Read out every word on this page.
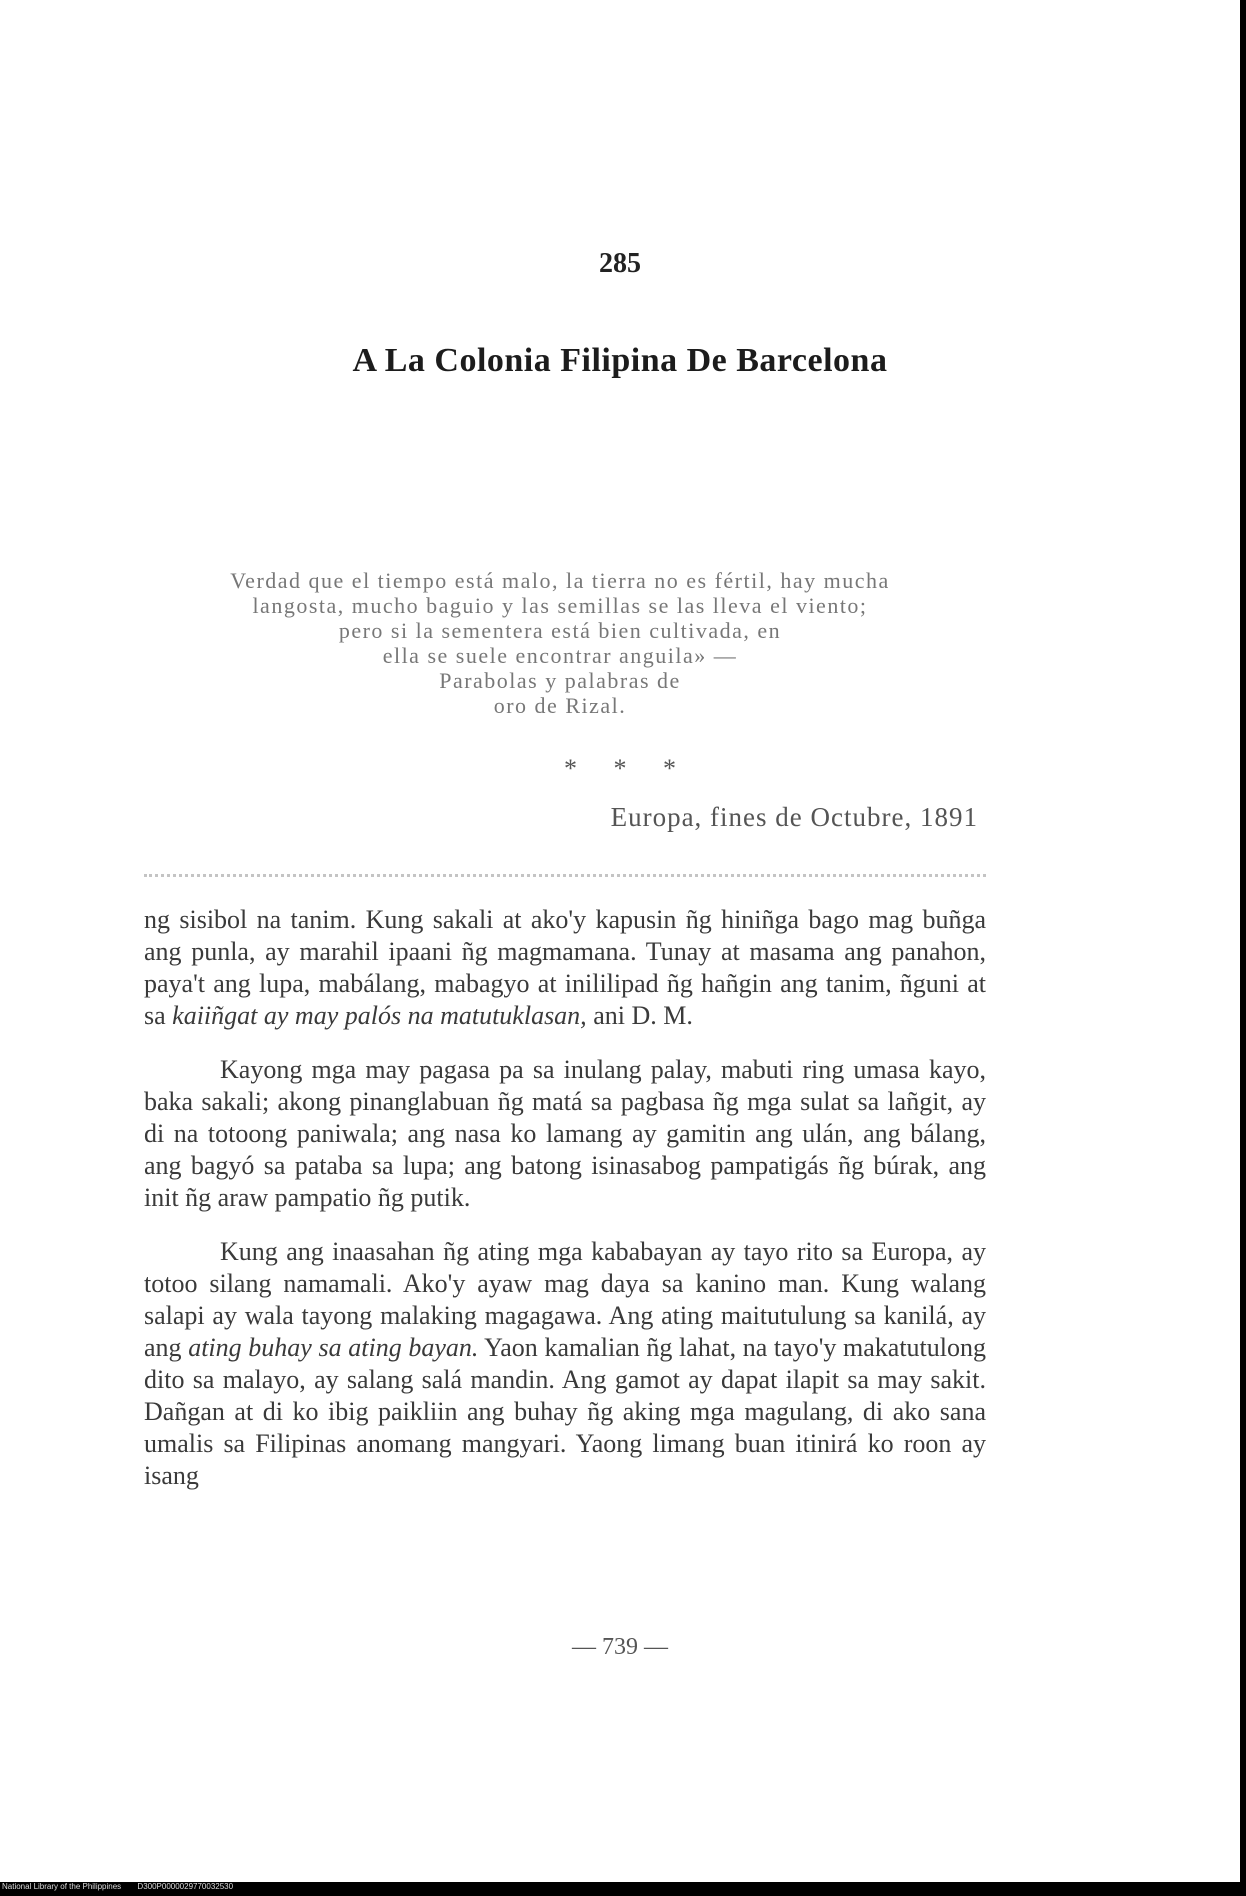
285
A La Colonia Filipina De Barcelona
Verdad que el tiempo está malo, la tierra no es fértil, hay mucha
langosta, mucho baguio y las semillas se las lleva el viento;
pero si la sementera está bien cultivada, en
ella se suele encontrar anguila» —
Parabolas y palabras de
oro de Rizal.
* * *
Europa, fines de Octubre, 1891

ng sisibol na tanim. Kung sakali at ako'y kapusin ñg hiniñga bago mag buñga ang punla, ay marahil ipaani ñg magmamana. Tunay at masama ang panahon, paya't ang lupa, mabálang, mabagyo at inililipad ñg hañgin ang tanim, ñguni at sa kaiiñgat ay may palós na matutuklasan, ani D. M.

Kayong mga may pagasa pa sa inulang palay, mabuti ring umasa kayo, baka sakali; akong pinanglabuan ñg matá sa pagbasa ñg mga sulat sa lañgit, ay di na totoong paniwala; ang nasa ko lamang ay gamitin ang ulán, ang bálang, ang bagyó sa pataba sa lupa; ang batong isinasabog pampatigás ñg búrak, ang init ñg araw pampatio ñg putik.

Kung ang inaasahan ñg ating mga kababayan ay tayo rito sa Europa, ay totoo silang namamali. Ako'y ayaw mag daya sa kanino man. Kung walang salapi ay wala tayong malaking magagawa. Ang ating maitutulung sa kanilá, ay ang ating buhay sa ating bayan. Yaon kamalian ñg lahat, na tayo'y makatutulong dito sa malayo, ay salang salá mandin. Ang gamot ay dapat ilapit sa may sakit. Dañgan at di ko ibig paikliin ang buhay ñg aking mga magulang, di ako sana umalis sa Filipinas anomang mangyari. Yaong limang buan itinirá ko roon ay isang

— 739 —
National Library of the Philippines D300P0000029770032530
